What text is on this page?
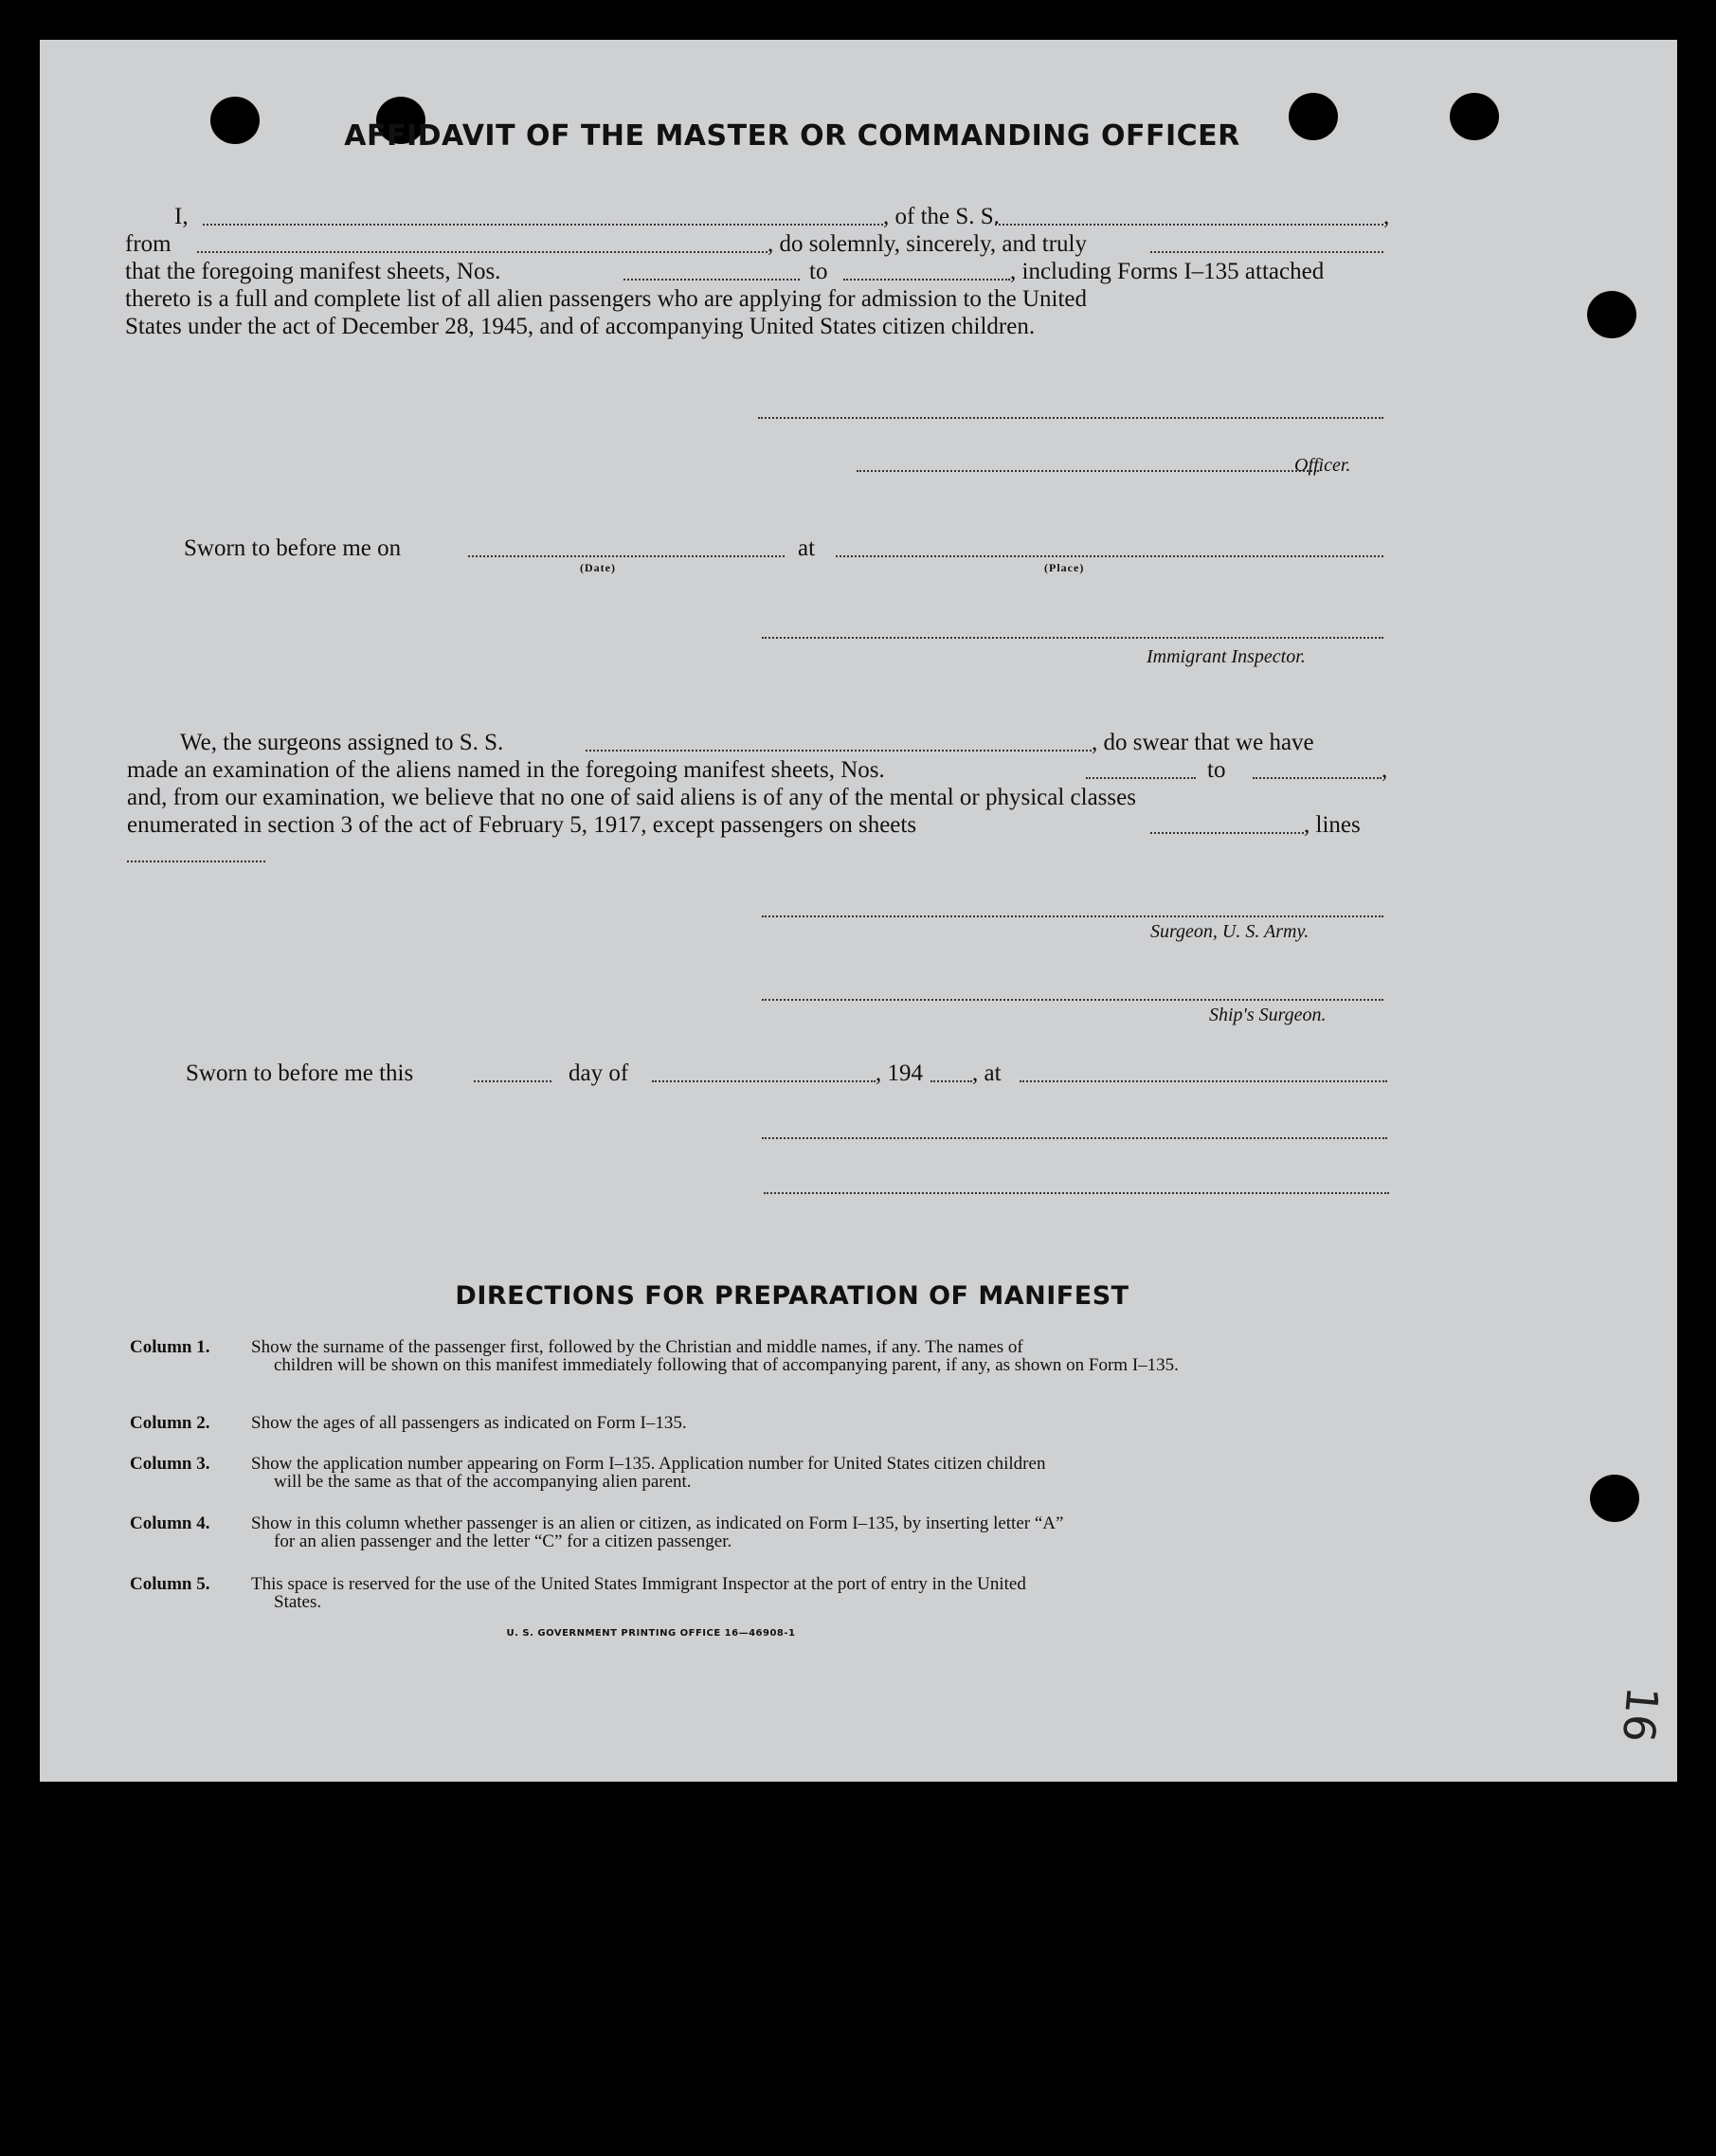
AFFIDAVIT OF THE MASTER OR COMMANDING OFFICER
I,	, of the S. S.	,
from	, do solemnly, sincerely, and truly
that the foregoing manifest sheets, Nos.	to	, including Forms I–135 attached
thereto is a full and complete list of all alien passengers who are applying for admission to the United
States under the act of December 28, 1945, and of accompanying United States citizen children.
Officer.
Sworn to before me on
(Date)
at
(Place)
Immigrant Inspector.
We, the surgeons assigned to S. S.	, do swear that we have
made an examination of the aliens named in the foregoing manifest sheets, Nos.	to	,
and, from our examination, we believe that no one of said aliens is of any of the mental or physical classes
enumerated in section 3 of the act of February 5, 1917, except passengers on sheets	, lines
Surgeon, U. S. Army.
Ship's Surgeon.
Sworn to before me this	day of	, 194 , at
DIRECTIONS FOR PREPARATION OF MANIFEST
Column 1.	Show the surname of the passenger first, followed by the Christian and middle names, if any. The names of
children will be shown on this manifest immediately following that of accompanying parent, if any, as shown on Form I–135.
Column 2.	Show the ages of all passengers as indicated on Form I–135.
Column 3.	Show the application number appearing on Form I–135. Application number for United States citizen children
will be the same as that of the accompanying alien parent.
Column 4.	Show in this column whether passenger is an alien or citizen, as indicated on Form I–135, by inserting letter “A”
for an alien passenger and the letter “C” for a citizen passenger.
Column 5.	This space is reserved for the use of the United States Immigrant Inspector at the port of entry in the United
States.
U. S. GOVERNMENT PRINTING OFFICE 16—46908-1
16
